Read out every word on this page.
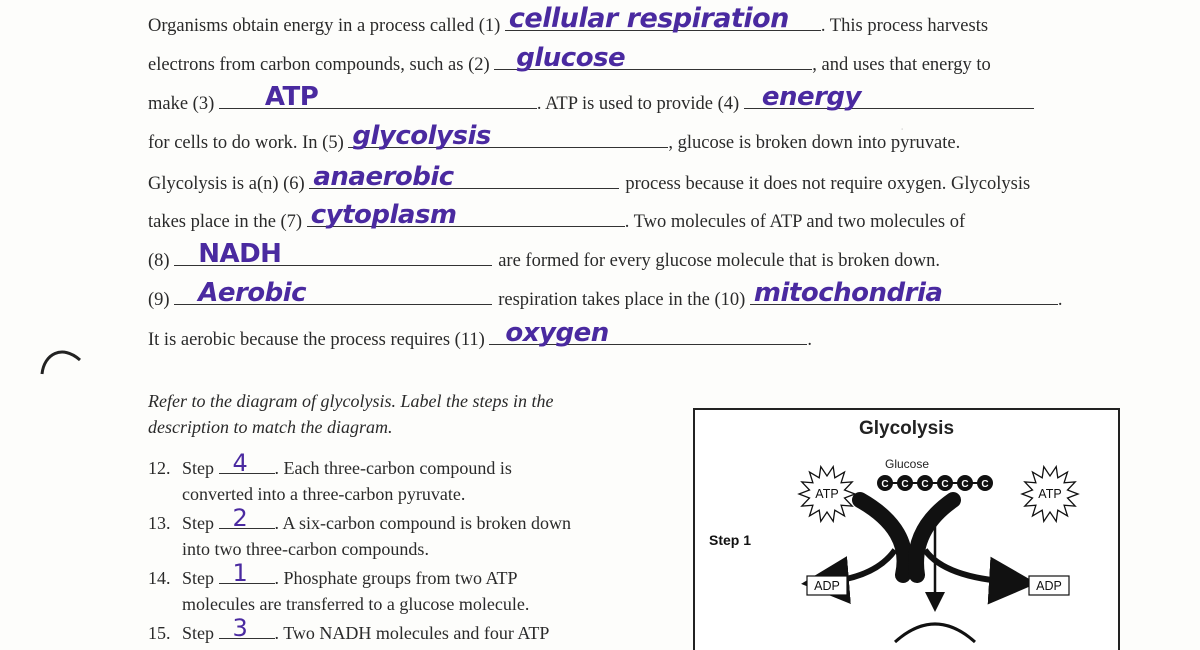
.
Organisms obtain energy in a process called (1) cellular respiration . This process harvests
electrons from carbon compounds, such as (2) glucose	, and uses that energy to
make (3) ATP	. ATP is used to provide (4) energy
for cells to do work. In (5) glycolysis	, glucose is broken down into pyruvate.
Glycolysis is a(n) (6) anaerobic	process because it does not require oxygen. Glycolysis
takes place in the (7) cytoplasm	. Two molecules of ATP and two molecules of
(8) NADH	are formed for every glucose molecule that is broken down.
(9) Aerobic	respiration takes place in the (10) mitochondria	.
It is aerobic because the process requires (11) oxygen	.
Refer to the diagram of glycolysis. Label the steps in the description to match the diagram.
12. Step 4 . Each three-carbon compound is
converted into a three-carbon pyruvate.
13. Step 2 . A six-carbon compound is broken down
into two three-carbon compounds.
14. Step 1 . Phosphate groups from two ATP
molecules are transferred to a glucose molecule.
15. Step 3 . Two NADH molecules and four ATP
Glycolysis
Glucose
C C C C C C
ATP	ATP
ADP	ADP
Step 1
